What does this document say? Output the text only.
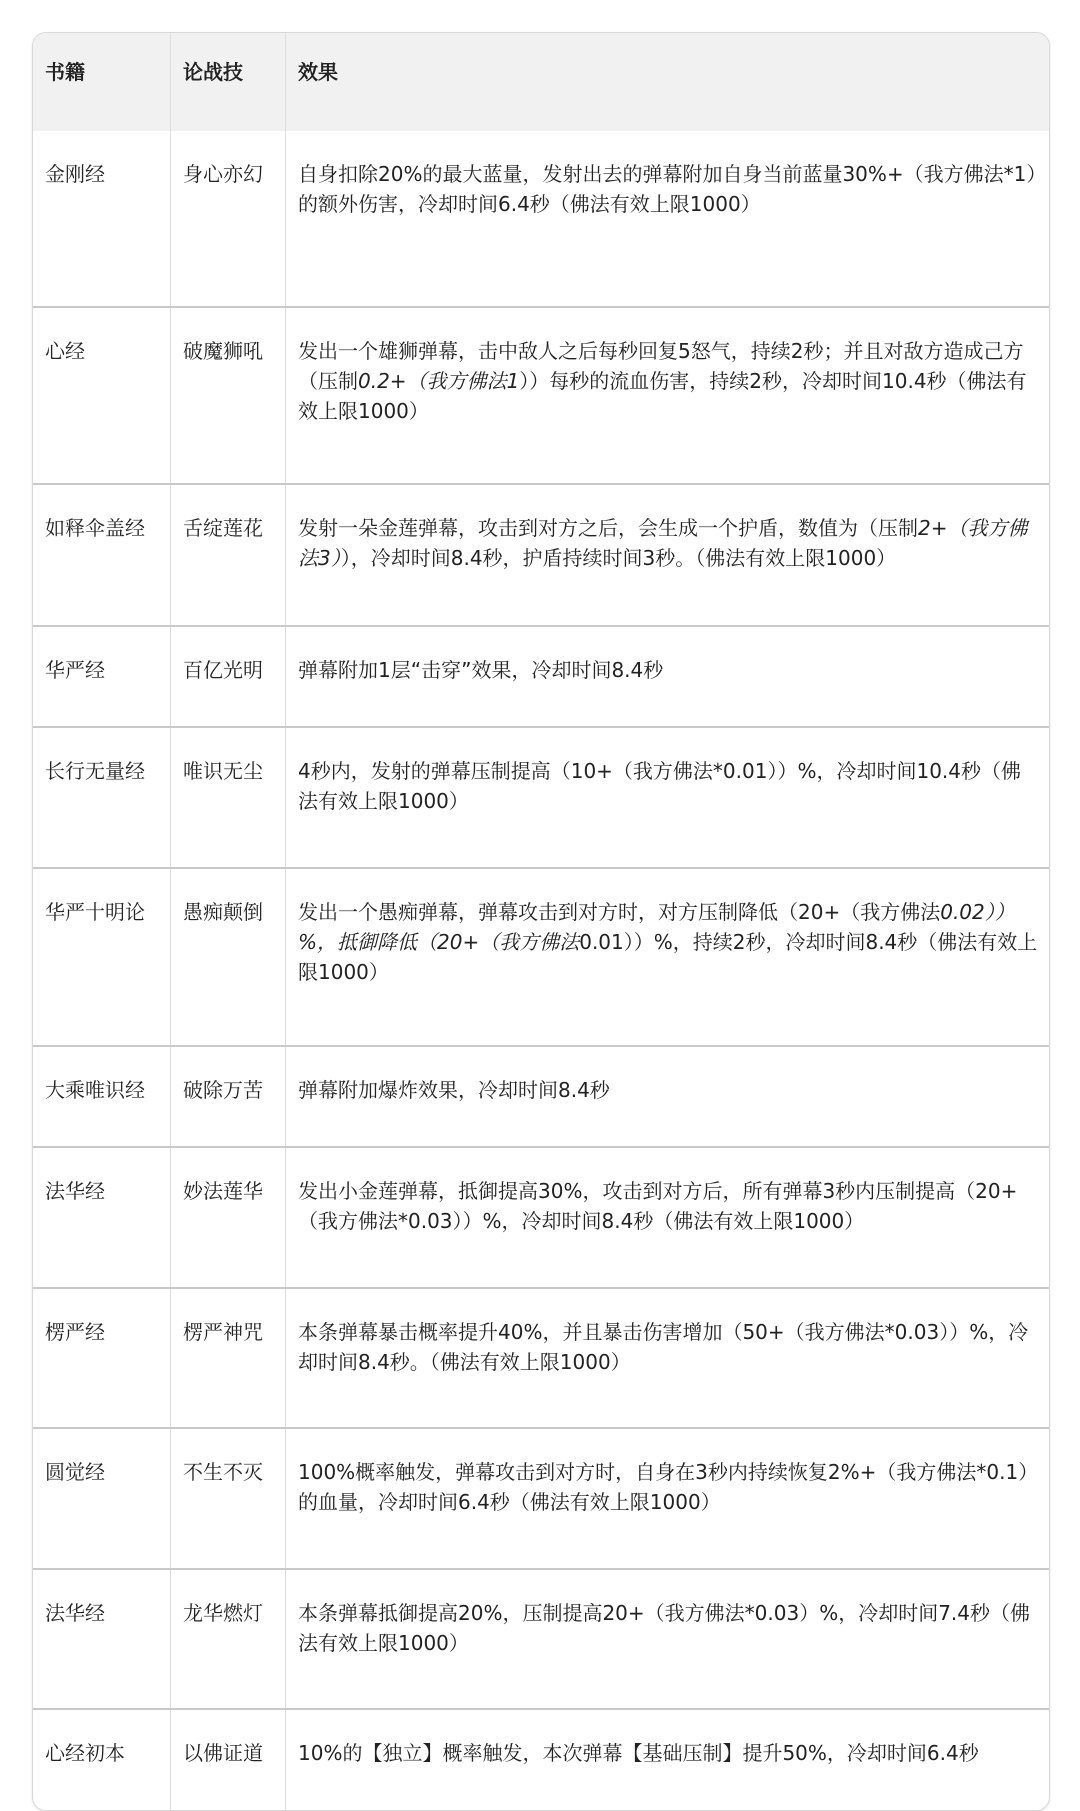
书籍	论战技	效果
金刚经	身心亦幻	自身扣除20%的最大蓝量，发射出去的弹幕附加自身当前蓝量30%+（我方佛法*1）的额外伤害，冷却时间6.4秒（佛法有效上限1000）
心经	破魔狮吼	发出一个雄狮弹幕，击中敌人之后每秒回复5怒气，持续2秒；并且对敌方造成己方（压制0.2+（我方佛法1））每秒的流血伤害，持续2秒，冷却时间10.4秒（佛法有效上限1000）
如释伞盖经	舌绽莲花	发射一朵金莲弹幕，攻击到对方之后，会生成一个护盾，数值为（压制2+（我方佛法3）），冷却时间8.4秒，护盾持续时间3秒。（佛法有效上限1000）
华严经	百亿光明	弹幕附加1层“击穿”效果，冷却时间8.4秒
长行无量经	唯识无尘	4秒内，发射的弹幕压制提高（10+（我方佛法*0.01））%，冷却时间10.4秒（佛法有效上限1000）
华严十明论	愚痴颠倒	发出一个愚痴弹幕，弹幕攻击到对方时，对方压制降低（20+（我方佛法0.02））%，抵御降低（20+（我方佛法0.01））%，持续2秒，冷却时间8.4秒（佛法有效上限1000）
大乘唯识经	破除万苦	弹幕附加爆炸效果，冷却时间8.4秒
法华经	妙法莲华	发出小金莲弹幕，抵御提高30%，攻击到对方后，所有弹幕3秒内压制提高（20+（我方佛法*0.03））%，冷却时间8.4秒（佛法有效上限1000）
楞严经	楞严神咒	本条弹幕暴击概率提升40%，并且暴击伤害增加（50+（我方佛法*0.03））%，冷却时间8.4秒。（佛法有效上限1000）
圆觉经	不生不灭	100%概率触发，弹幕攻击到对方时，自身在3秒内持续恢复2%+（我方佛法*0.1）的血量，冷却时间6.4秒（佛法有效上限1000）
法华经	龙华燃灯	本条弹幕抵御提高20%，压制提高20+（我方佛法*0.03）%，冷却时间7.4秒（佛法有效上限1000）
心经初本	以佛证道	10%的【独立】概率触发，本次弹幕【基础压制】提升50%，冷却时间6.4秒
